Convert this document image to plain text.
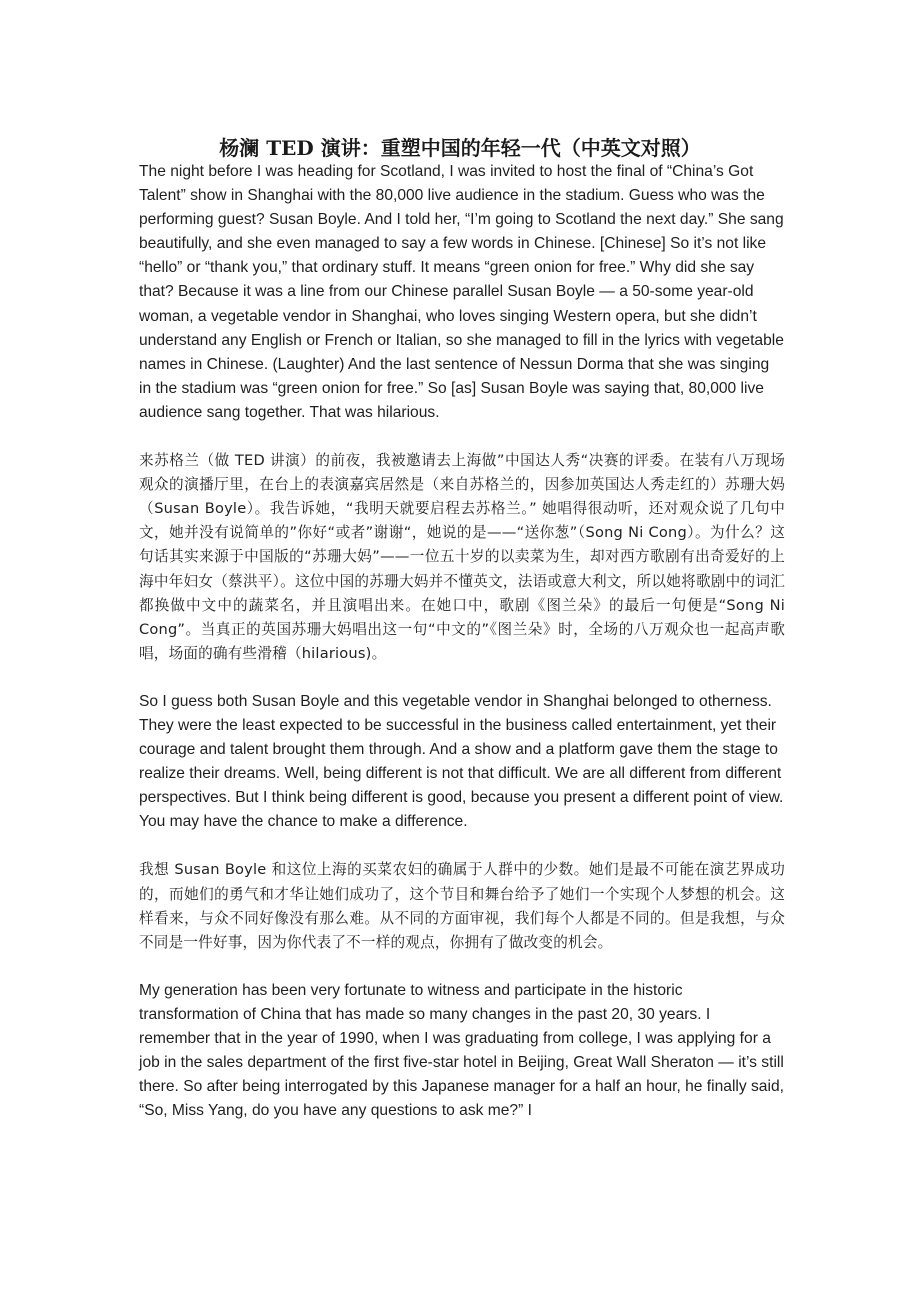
杨澜 TED 演讲：重塑中国的年轻一代（中英文对照）

The night before I was heading for Scotland, I was invited to host the final of “China’s Got Talent” show in Shanghai with the 80,000 live audience in the stadium. Guess who was the performing guest? Susan Boyle. And I told her, “I’m going to Scotland the next day.” She sang beautifully, and she even managed to say a few words in Chinese. [Chinese] So it’s not like “hello” or “thank you,” that ordinary stuff. It means “green onion for free.” Why did she say that? Because it was a line from our Chinese parallel Susan Boyle — a 50-some year-old woman, a vegetable vendor in Shanghai, who loves singing Western opera, but she didn’t understand any English or French or Italian, so she managed to fill in the lyrics with vegetable names in Chinese. (Laughter) And the last sentence of Nessun Dorma that she was singing in the stadium was “green onion for free.” So [as] Susan Boyle was saying that, 80,000 live audience sang together. That was hilarious.

来苏格兰（做 TED 讲演）的前夜，我被邀请去上海做”中国达人秀“决赛的评委。在装有八万现场观众的演播厅里，在台上的表演嘉宾居然是（来自苏格兰的，因参加英国达人秀走红的）苏珊大妈（Susan Boyle）。我告诉她，“我明天就要启程去苏格兰。” 她唱得很动听，还对观众说了几句中文，她并没有说简单的”你好“或者”谢谢“，她说的是——“送你葱”（Song Ni Cong）。为什么？这句话其实来源于中国版的“苏珊大妈”——一位五十岁的以卖菜为生，却对西方歌剧有出奇爱好的上海中年妇女（蔡洪平）。这位中国的苏珊大妈并不懂英文，法语或意大利文，所以她将歌剧中的词汇都换做中文中的蔬菜名，并且演唱出来。在她口中，歌剧《图兰朵》的最后一句便是“Song Ni Cong”。当真正的英国苏珊大妈唱出这一句“中文的”《图兰朵》时，全场的八万观众也一起高声歌唱，场面的确有些滑稽（hilarious)。

So I guess both Susan Boyle and this vegetable vendor in Shanghai belonged to otherness. They were the least expected to be successful in the business called entertainment, yet their courage and talent brought them through. And a show and a platform gave them the stage to realize their dreams. Well, being different is not that difficult. We are all different from different perspectives. But I think being different is good, because you present a different point of view. You may have the chance to make a difference.

我想 Susan Boyle 和这位上海的买菜农妇的确属于人群中的少数。她们是最不可能在演艺界成功的，而她们的勇气和才华让她们成功了，这个节目和舞台给予了她们一个实现个人梦想的机会。这样看来，与众不同好像没有那么难。从不同的方面审视，我们每个人都是不同的。但是我想，与众不同是一件好事，因为你代表了不一样的观点，你拥有了做改变的机会。

My generation has been very fortunate to witness and participate in the historic transformation of China that has made so many changes in the past 20, 30 years. I remember that in the year of 1990, when I was graduating from college, I was applying for a job in the sales department of the first five-star hotel in Beijing, Great Wall Sheraton — it’s still there. So after being interrogated by this Japanese manager for a half an hour, he finally said, “So, Miss Yang, do you have any questions to ask me?” I
